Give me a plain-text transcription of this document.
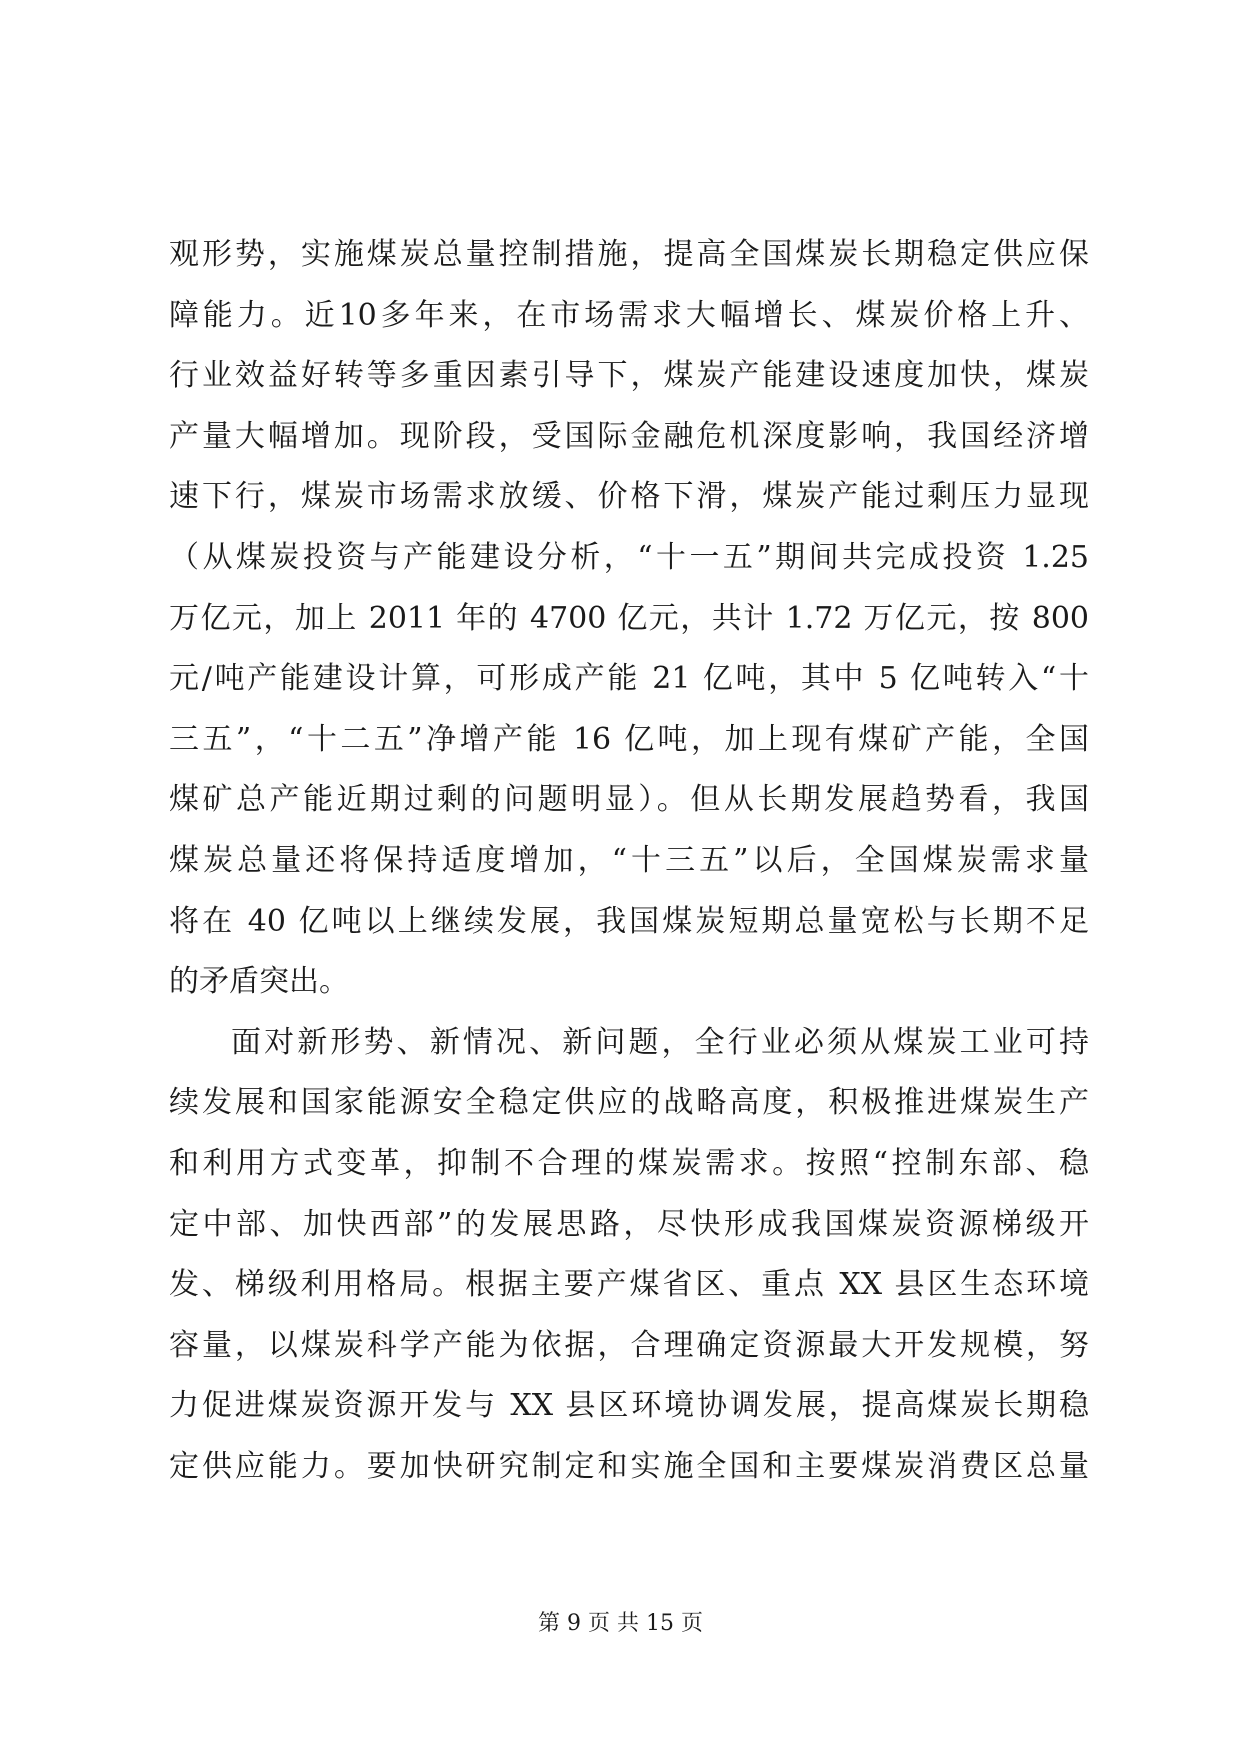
观形势，实施煤炭总量控制措施，提高全国煤炭长期稳定供应保
障能力。近10多年来，在市场需求大幅增长、煤炭价格上升、
行业效益好转等多重因素引导下，煤炭产能建设速度加快，煤炭
产量大幅增加。现阶段，受国际金融危机深度影响，我国经济增
速下行，煤炭市场需求放缓、价格下滑，煤炭产能过剩压力显现
（从煤炭投资与产能建设分析，“十一五”期间共完成投资 1.25
万亿元，加上 2011 年的 4700 亿元，共计 1.72 万亿元，按 800
元/吨产能建设计算，可形成产能 21 亿吨，其中 5 亿吨转入“十
三五”，“十二五”净增产能 16 亿吨，加上现有煤矿产能，全国
煤矿总产能近期过剩的问题明显）。但从长期发展趋势看，我国
煤炭总量还将保持适度增加，“十三五”以后，全国煤炭需求量
将在 40 亿吨以上继续发展，我国煤炭短期总量宽松与长期不足
的矛盾突出。
面对新形势、新情况、新问题，全行业必须从煤炭工业可持
续发展和国家能源安全稳定供应的战略高度，积极推进煤炭生产
和利用方式变革，抑制不合理的煤炭需求。按照“控制东部、稳
定中部、加快西部”的发展思路，尽快形成我国煤炭资源梯级开
发、梯级利用格局。根据主要产煤省区、重点 XX 县区生态环境
容量，以煤炭科学产能为依据，合理确定资源最大开发规模，努
力促进煤炭资源开发与 XX 县区环境协调发展，提高煤炭长期稳
定供应能力。要加快研究制定和实施全国和主要煤炭消费区总量
第 9 页 共 15 页
